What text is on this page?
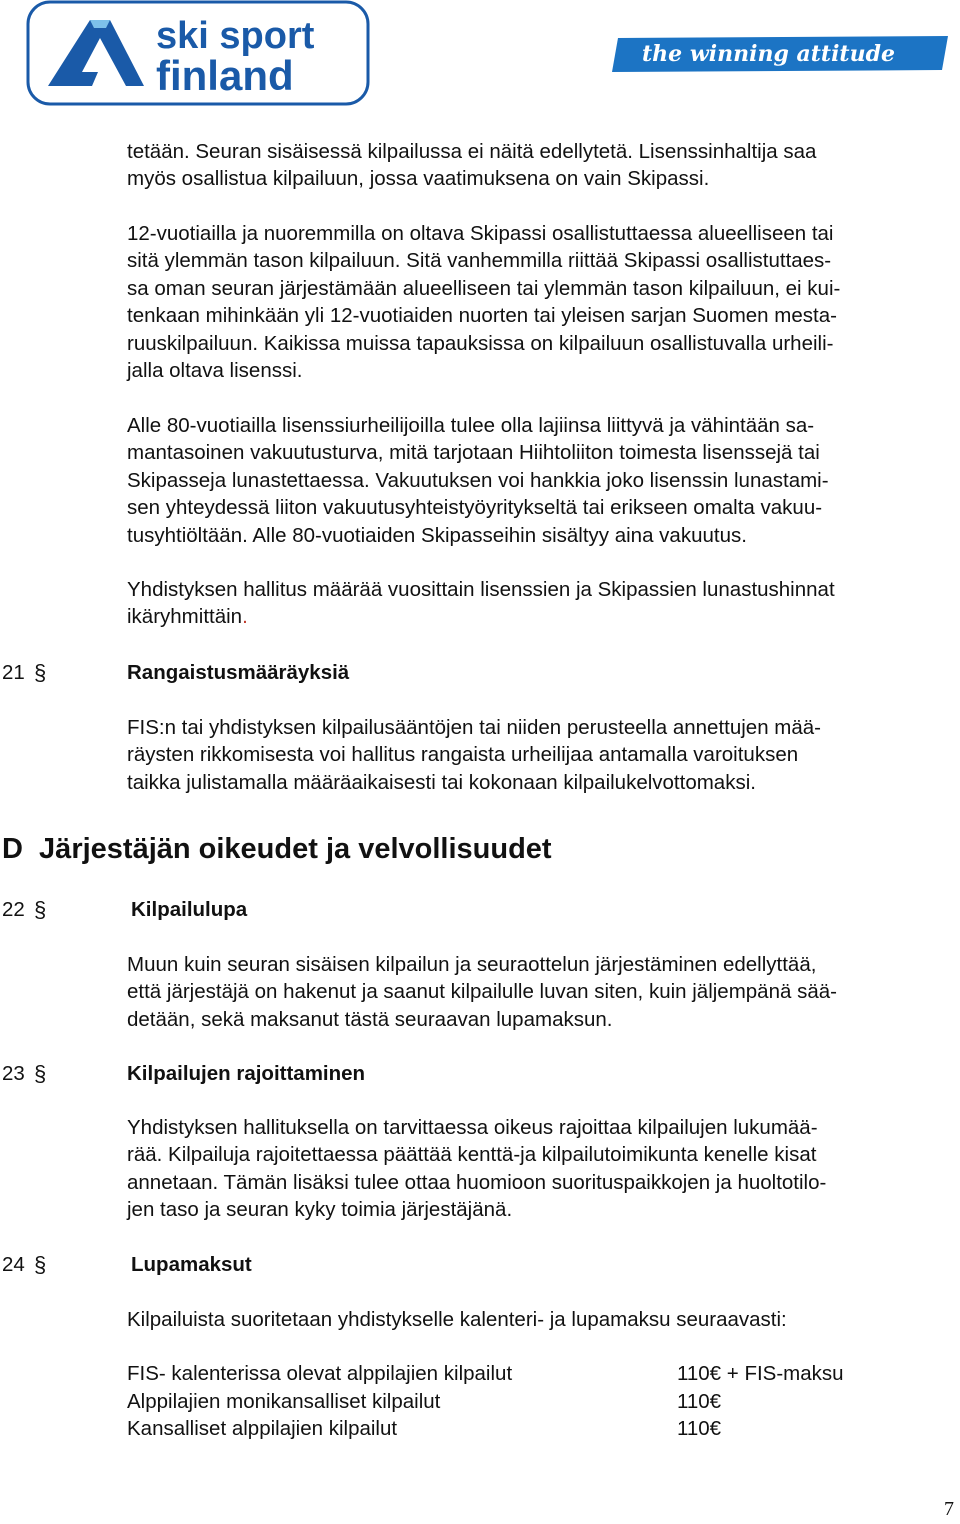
ski sport
finland	the winning attitude
tetään. Seuran sisäisessä kilpailussa ei näitä edellytetä. Lisenssinhaltija saa
myös osallistua kilpailuun, jossa vaatimuksena on vain Skipassi.
12-vuotiailla ja nuoremmilla on oltava Skipassi osallistuttaessa alueelliseen tai
sitä ylemmän tason kilpailuun. Sitä vanhemmilla riittää Skipassi osallistuttaes-
sa oman seuran järjestämään alueelliseen tai ylemmän tason kilpailuun, ei kui-
tenkaan mihinkään yli 12-vuotiaiden nuorten tai yleisen sarjan Suomen mesta-
ruuskilpailuun. Kaikissa muissa tapauksissa on kilpailuun osallistuvalla urheili-
jalla oltava lisenssi.
Alle 80-vuotiailla lisenssiurheilijoilla tulee olla lajiinsa liittyvä ja vähintään sa-
mantasoinen vakuutusturva, mitä tarjotaan Hiihtoliiton toimesta lisenssejä tai
Skipasseja lunastettaessa. Vakuutuksen voi hankkia joko lisenssin lunastami-
sen yhteydessä liiton vakuutusyhteistyöyritykseltä tai erikseen omalta vakuu-
tusyhtiöltään. Alle 80-vuotiaiden Skipasseihin sisältyy aina vakuutus.
Yhdistyksen hallitus määrää vuosittain lisenssien ja Skipassien lunastushinnat
ikäryhmittäin.

21 §	Rangaistusmääräyksiä

FIS:n tai yhdistyksen kilpailusääntöjen tai niiden perusteella annettujen mää-
räysten rikkomisesta voi hallitus rangaista urheilijaa antamalla varoituksen
taikka julistamalla määräaikaisesti tai kokonaan kilpailukelvottomaksi.

D  Järjestäjän oikeudet ja velvollisuudet

22 §	Kilpailulupa

Muun kuin seuran sisäisen kilpailun ja seuraottelun järjestäminen edellyttää,
että järjestäjä on hakenut ja saanut kilpailulle luvan siten, kuin jäljempänä sää-
detään, sekä maksanut tästä seuraavan lupamaksun.

23 §	Kilpailujen rajoittaminen

Yhdistyksen hallituksella on tarvittaessa oikeus rajoittaa kilpailujen lukumää-
rää. Kilpailuja rajoitettaessa päättää kenttä-ja kilpailutoimikunta kenelle kisat
annetaan. Tämän lisäksi tulee ottaa huomioon suorituspaikkojen ja huoltotilo-
jen taso ja seuran kyky toimia järjestäjänä.

24 §	Lupamaksut

Kilpailuista suoritetaan yhdistykselle kalenteri- ja lupamaksu seuraavasti:
FIS- kalenterissa olevat alppilajien kilpailut	110€ + FIS-maksu
Alppilajien monikansalliset kilpailut	110€
Kansalliset alppilajien kilpailut	110€
7
